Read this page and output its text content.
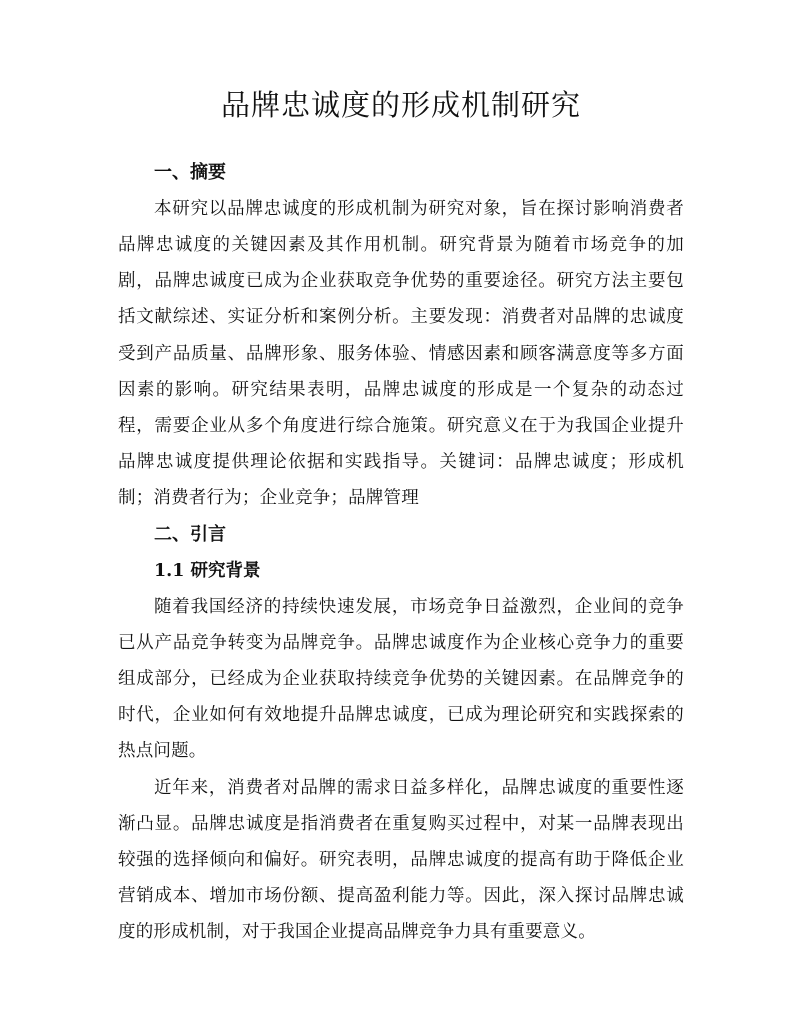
品牌忠诚度的形成机制研究
一、摘要

本研究以品牌忠诚度的形成机制为研究对象，旨在探讨影响消费者品牌忠诚度的关键因素及其作用机制。研究背景为随着市场竞争的加剧，品牌忠诚度已成为企业获取竞争优势的重要途径。研究方法主要包括文献综述、实证分析和案例分析。主要发现：消费者对品牌的忠诚度受到产品质量、品牌形象、服务体验、情感因素和顾客满意度等多方面因素的影响。研究结果表明，品牌忠诚度的形成是一个复杂的动态过程，需要企业从多个角度进行综合施策。研究意义在于为我国企业提升品牌忠诚度提供理论依据和实践指导。关键词：品牌忠诚度；形成机制；消费者行为；企业竞争；品牌管理

二、引言
1.1 研究背景

随着我国经济的持续快速发展，市场竞争日益激烈，企业间的竞争已从产品竞争转变为品牌竞争。品牌忠诚度作为企业核心竞争力的重要组成部分，已经成为企业获取持续竞争优势的关键因素。在品牌竞争的时代，企业如何有效地提升品牌忠诚度，已成为理论研究和实践探索的热点问题。

近年来，消费者对品牌的需求日益多样化，品牌忠诚度的重要性逐渐凸显。品牌忠诚度是指消费者在重复购买过程中，对某一品牌表现出较强的选择倾向和偏好。研究表明，品牌忠诚度的提高有助于降低企业营销成本、增加市场份额、提高盈利能力等。因此，深入探讨品牌忠诚度的形成机制，对于我国企业提高品牌竞争力具有重要意义。
